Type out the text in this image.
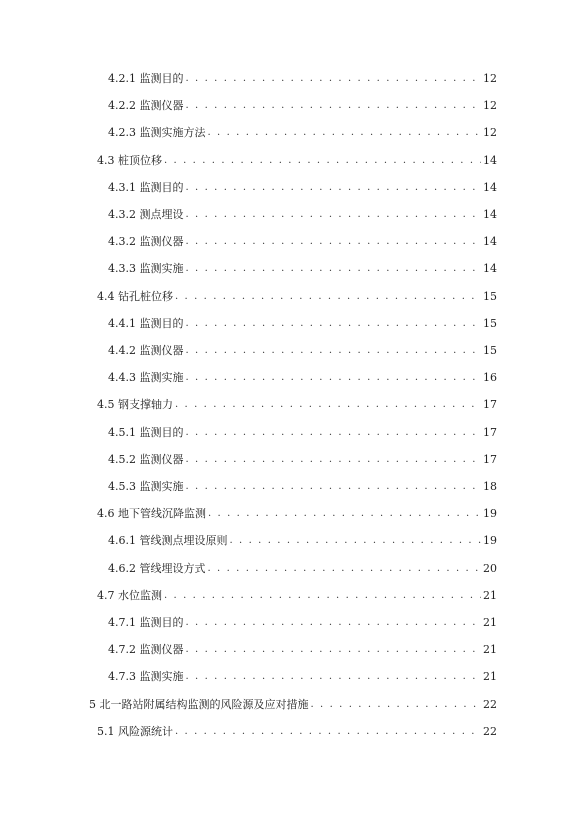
4.2.1 监测目的 . . .	12
4.2.2 监测仪器 . . .	12
4.2.3 监测实施方法 . . .	12
4.3 桩顶位移 . . .	14
4.3.1 监测目的 . . .	14
4.3.2 测点埋设 . . .	14
4.3.2 监测仪器 . . .	14
4.3.3 监测实施 . . .	14
4.4 钻孔桩位移 . . .	15
4.4.1 监测目的 . . .	15
4.4.2 监测仪器 . . .	15
4.4.3 监测实施 . . .	16
4.5 钢支撑轴力 . . .	17
4.5.1 监测目的 . . .	17
4.5.2 监测仪器 . . .	17
4.5.3 监测实施 . . .	18
4.6 地下管线沉降监测 . . .	19
4.6.1 管线测点埋设原则 . . .	19
4.6.2 管线埋设方式 . . .	20
4.7 水位监测 . . .	21
4.7.1 监测目的 . . .	21
4.7.2 监测仪器 . . .	21
4.7.3 监测实施 . . .	21
5 北一路站附属结构监测的风险源及应对措施 . . .	22
5.1 风险源统计 . . .	22
